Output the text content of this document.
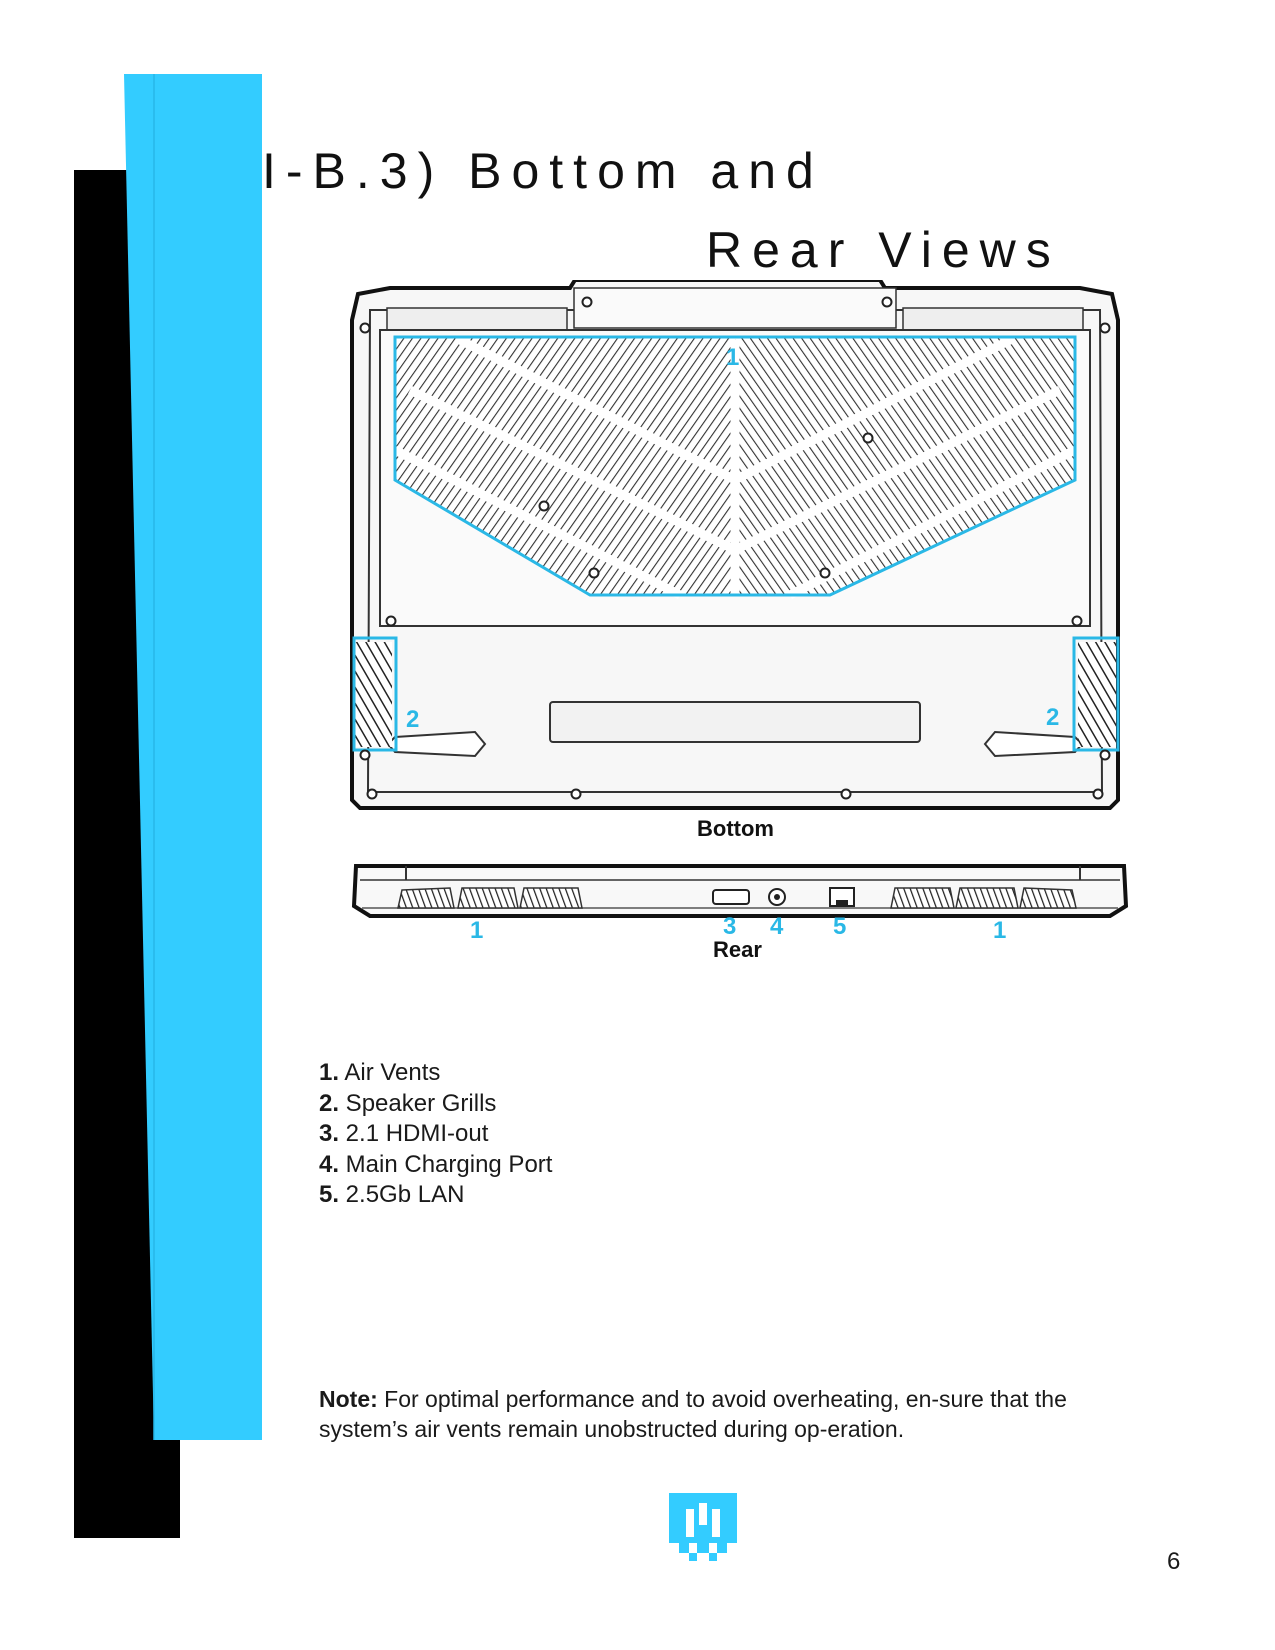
I-B.3) Bottom and
Rear Views
1
2	2
Bottom
1	3 4 5	1
Rear
1. Air Vents
2. Speaker Grills
3. 2.1 HDMI-out
4. Main Charging Port
5. 2.5Gb LAN

Note: For optimal performance and to avoid overheating, en-sure that the system’s air vents remain unobstructed during op-eration.

6
